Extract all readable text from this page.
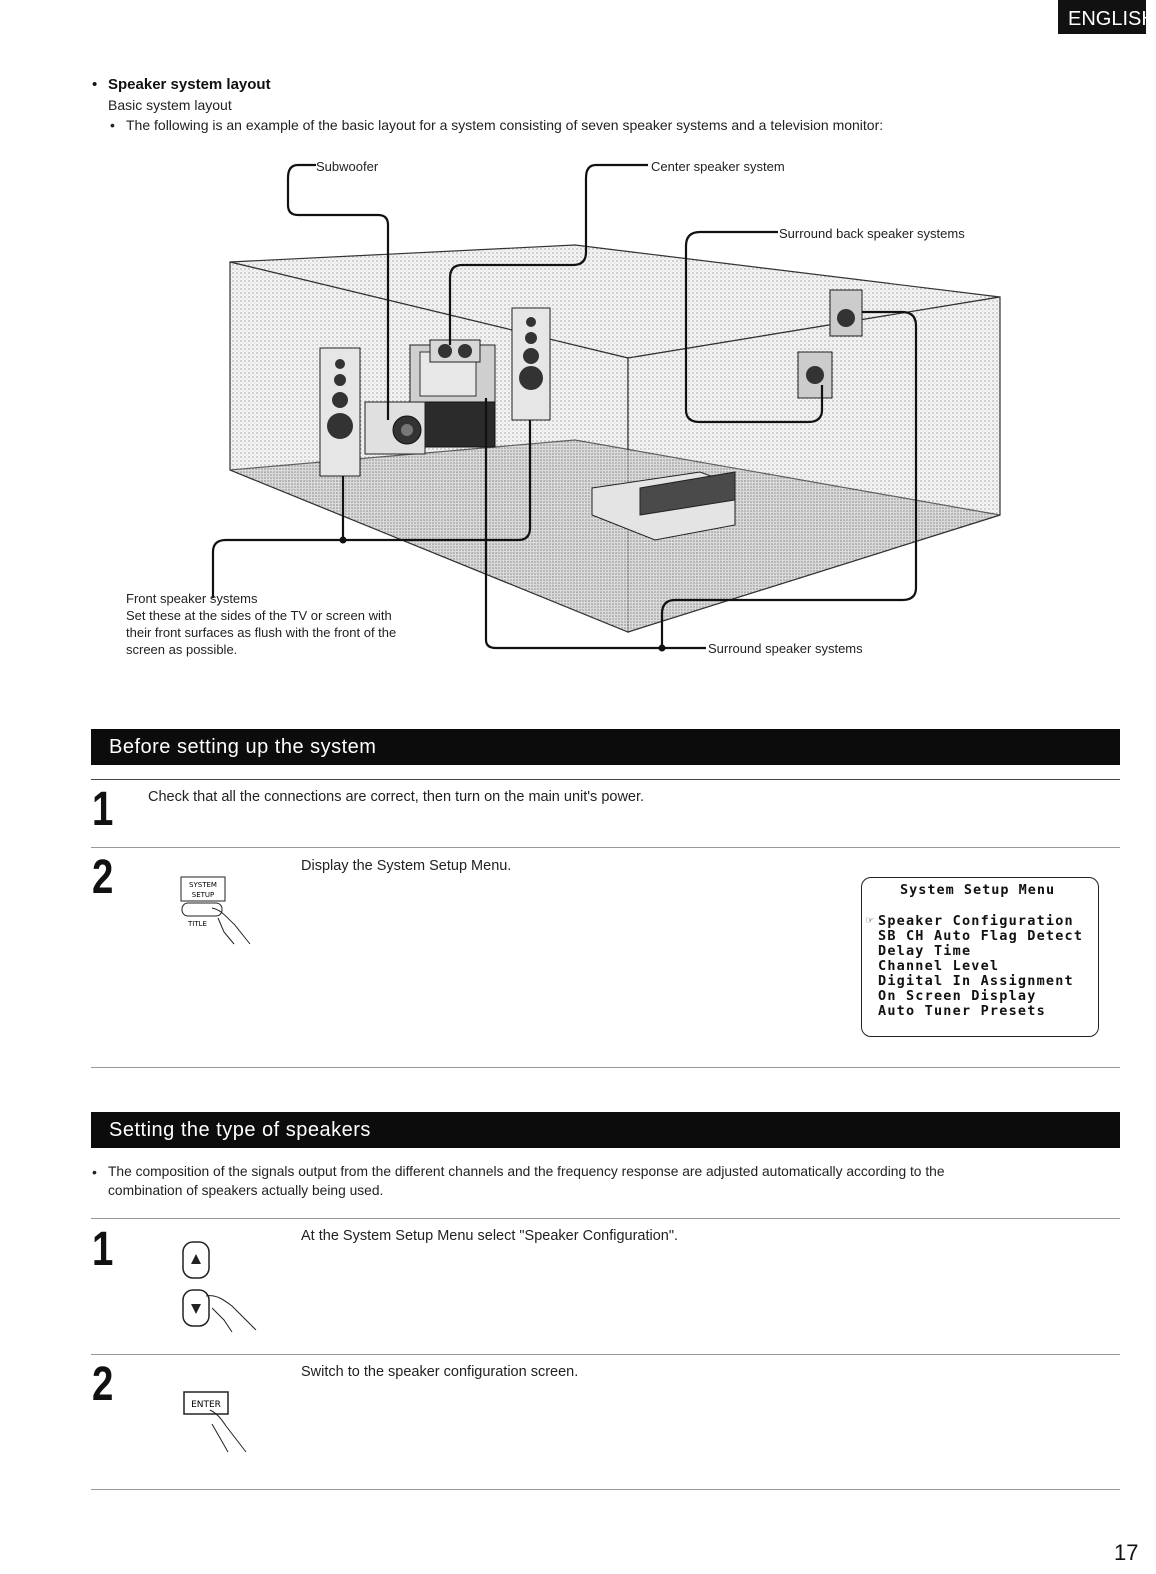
ENGLISH
• Speaker system layout
Basic system layout
• The following is an example of the basic layout for a system consisting of seven speaker systems and a television monitor:
Subwoofer	Center speaker system
Surround back speaker systems
Front speaker systems
Set these at the sides of the TV or screen with
their front surfaces as flush with the front of the
screen as possible.	Surround speaker systems
Before setting up the system
1 Check that all the connections are correct, then turn on the main unit's power.
2	Display the System Setup Menu.
SYSTEM
SETUP
TITLE
System Setup Menu
☞ Speaker Configuration
SB CH Auto Flag Detect
Delay Time
Channel Level
Digital In Assignment
On Screen Display
Auto Tuner Presets
Setting the type of speakers
• The composition of the signals output from the different channels and the frequency response are adjusted automatically according to the
combination of speakers actually being used.
1	At the System Setup Menu select "Speaker Configuration".
2	Switch to the speaker configuration screen.
ENTER
17
